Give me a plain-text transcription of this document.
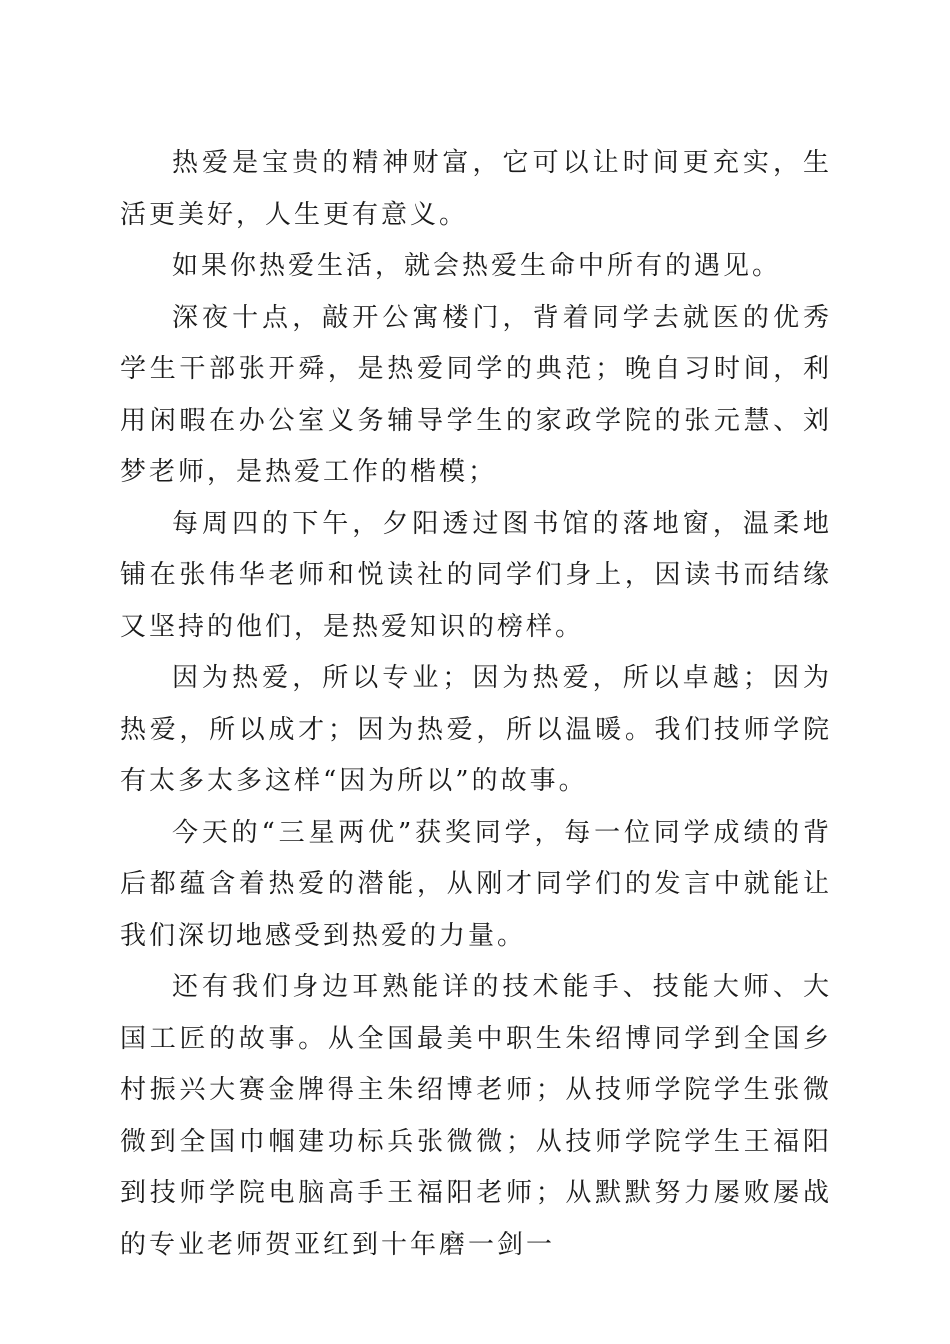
热爱是宝贵的精神财富，它可以让时间更充实，生活更美好，人生更有意义。

如果你热爱生活，就会热爱生命中所有的遇见。

深夜十点，敲开公寓楼门，背着同学去就医的优秀学生干部张开舜，是热爱同学的典范；晚自习时间，利用闲暇在办公室义务辅导学生的家政学院的张元慧、刘梦老师，是热爱工作的楷模；

每周四的下午，夕阳透过图书馆的落地窗，温柔地铺在张伟华老师和悦读社的同学们身上，因读书而结缘又坚持的他们，是热爱知识的榜样。

因为热爱，所以专业；因为热爱，所以卓越；因为热爱，所以成才；因为热爱，所以温暖。我们技师学院有太多太多这样“因为所以”的故事。

今天的“三星两优”获奖同学，每一位同学成绩的背后都蕴含着热爱的潜能，从刚才同学们的发言中就能让我们深切地感受到热爱的力量。

还有我们身边耳熟能详的技术能手、技能大师、大国工匠的故事。从全国最美中职生朱绍博同学到全国乡村振兴大赛金牌得主朱绍博老师；从技师学院学生张微微到全国巾帼建功标兵张微微；从技师学院学生王福阳到技师学院电脑高手王福阳老师；从默默努力屡败屡战的专业老师贺亚红到十年磨一剑一
